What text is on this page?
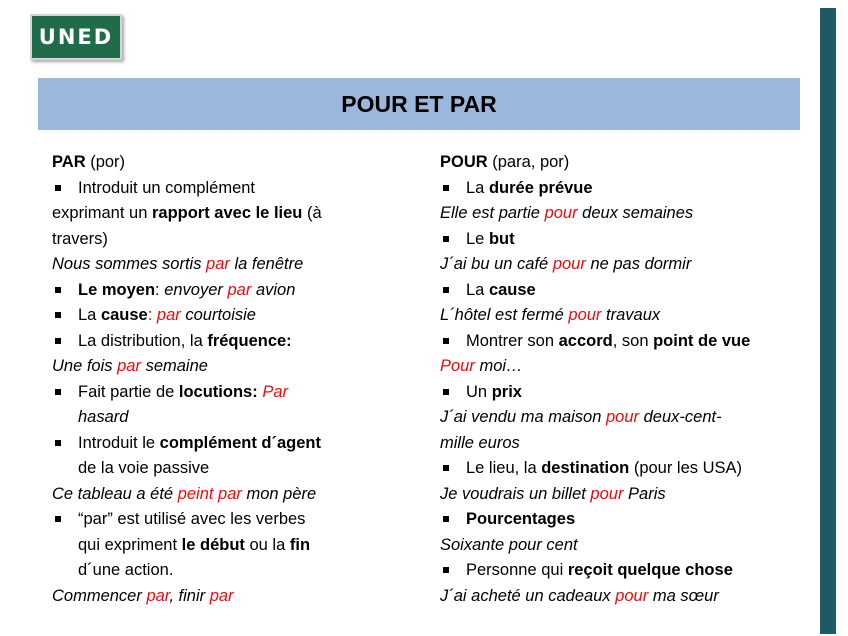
UNED
POUR ET PAR
PAR (por)
Introduit un complément
exprimant un rapport avec le lieu (à
travers)
Nous sommes sortis par la fenêtre
Le moyen: envoyer par avion
La cause: par courtoisie
La distribution, la fréquence:
Une fois par semaine
Fait partie de locutions: Par
hasard
Introduit le complément d´agent
de la voie passive
Ce tableau a été peint par mon père
“par” est utilisé avec les verbes
qui expriment le début ou la fin
d´une action.
Commencer par, finir par
POUR (para, por)
La durée prévue
Elle est partie pour deux semaines
Le but
J´ai bu un café pour ne pas dormir
La cause
L´hôtel est fermé pour travaux
Montrer son accord, son point de vue
Pour moi…
Un prix
J´ai vendu ma maison pour deux-cent-
mille euros
Le lieu, la destination (pour les USA)
Je voudrais un billet pour Paris
Pourcentages
Soixante pour cent
Personne qui reçoit quelque chose
J´ai acheté un cadeaux pour ma sœur
